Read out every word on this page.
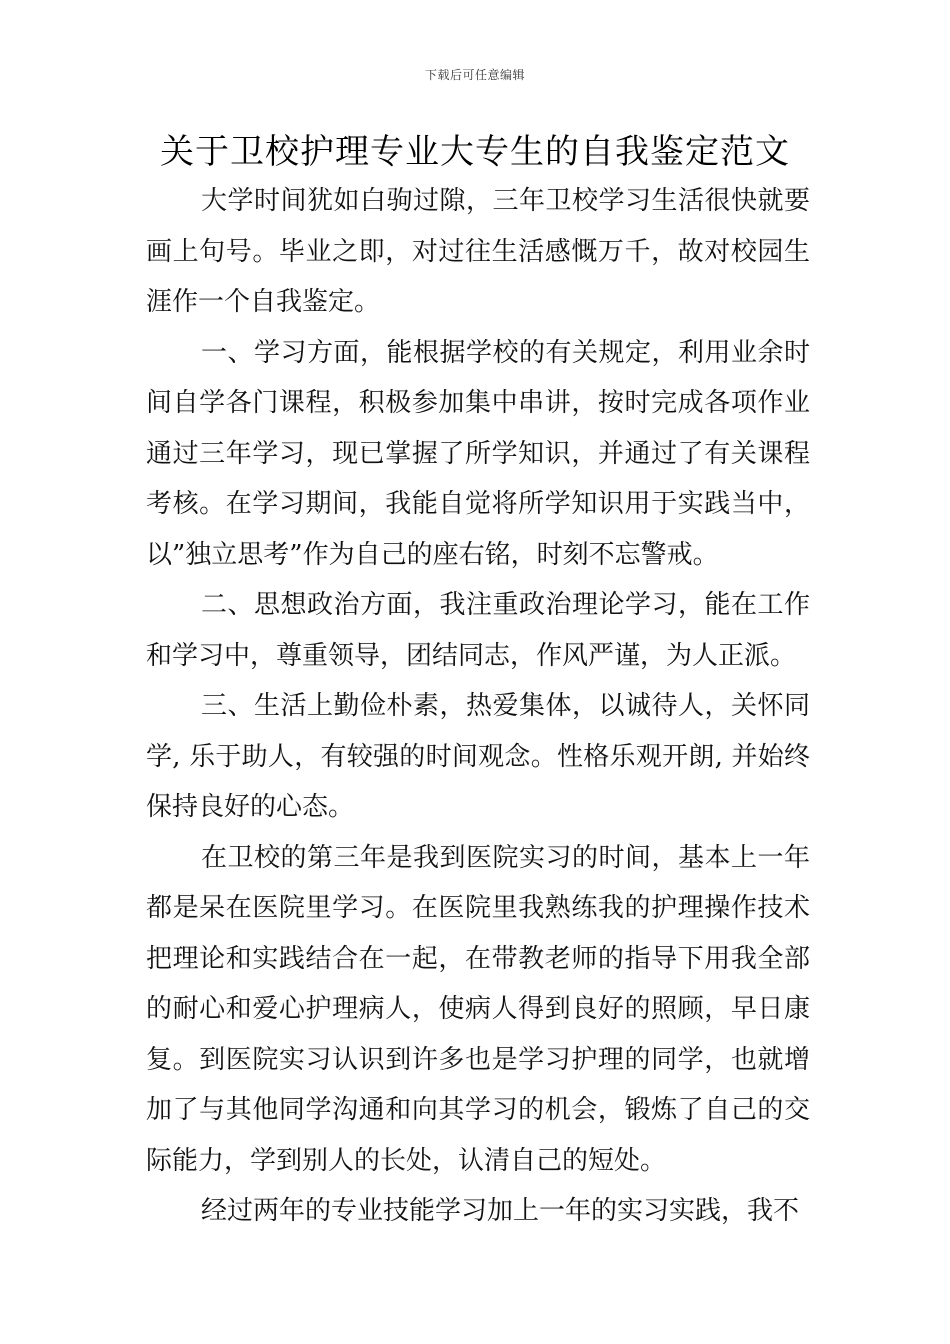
下载后可任意编辑
关于卫校护理专业大专生的自我鉴定范文

大学时间犹如白驹过隙，三年卫校学习生活很快就要画上句号。毕业之即，对过往生活感慨万千，故对校园生涯作一个自我鉴定。

一、学习方面，能根据学校的有关规定，利用业余时间自学各门课程，积极参加集中串讲，按时完成各项作业通过三年学习，现已掌握了所学知识，并通过了有关课程考核。在学习期间，我能自觉将所学知识用于实践当中，以”独立思考”作为自己的座右铭，时刻不忘警戒。

二、思想政治方面，我注重政治理论学习，能在工作和学习中，尊重领导，团结同志，作风严谨，为人正派。

三、生活上勤俭朴素，热爱集体，以诚待人，关怀同学, 乐于助人，有较强的时间观念。性格乐观开朗, 并始终保持良好的心态。

在卫校的第三年是我到医院实习的时间，基本上一年都是呆在医院里学习。在医院里我熟练我的护理操作技术把理论和实践结合在一起，在带教老师的指导下用我全部的耐心和爱心护理病人，使病人得到良好的照顾，早日康复。到医院实习认识到许多也是学习护理的同学，也就增加了与其他同学沟通和向其学习的机会，锻炼了自己的交际能力，学到别人的长处，认清自己的短处。

经过两年的专业技能学习加上一年的实习实践，我不
